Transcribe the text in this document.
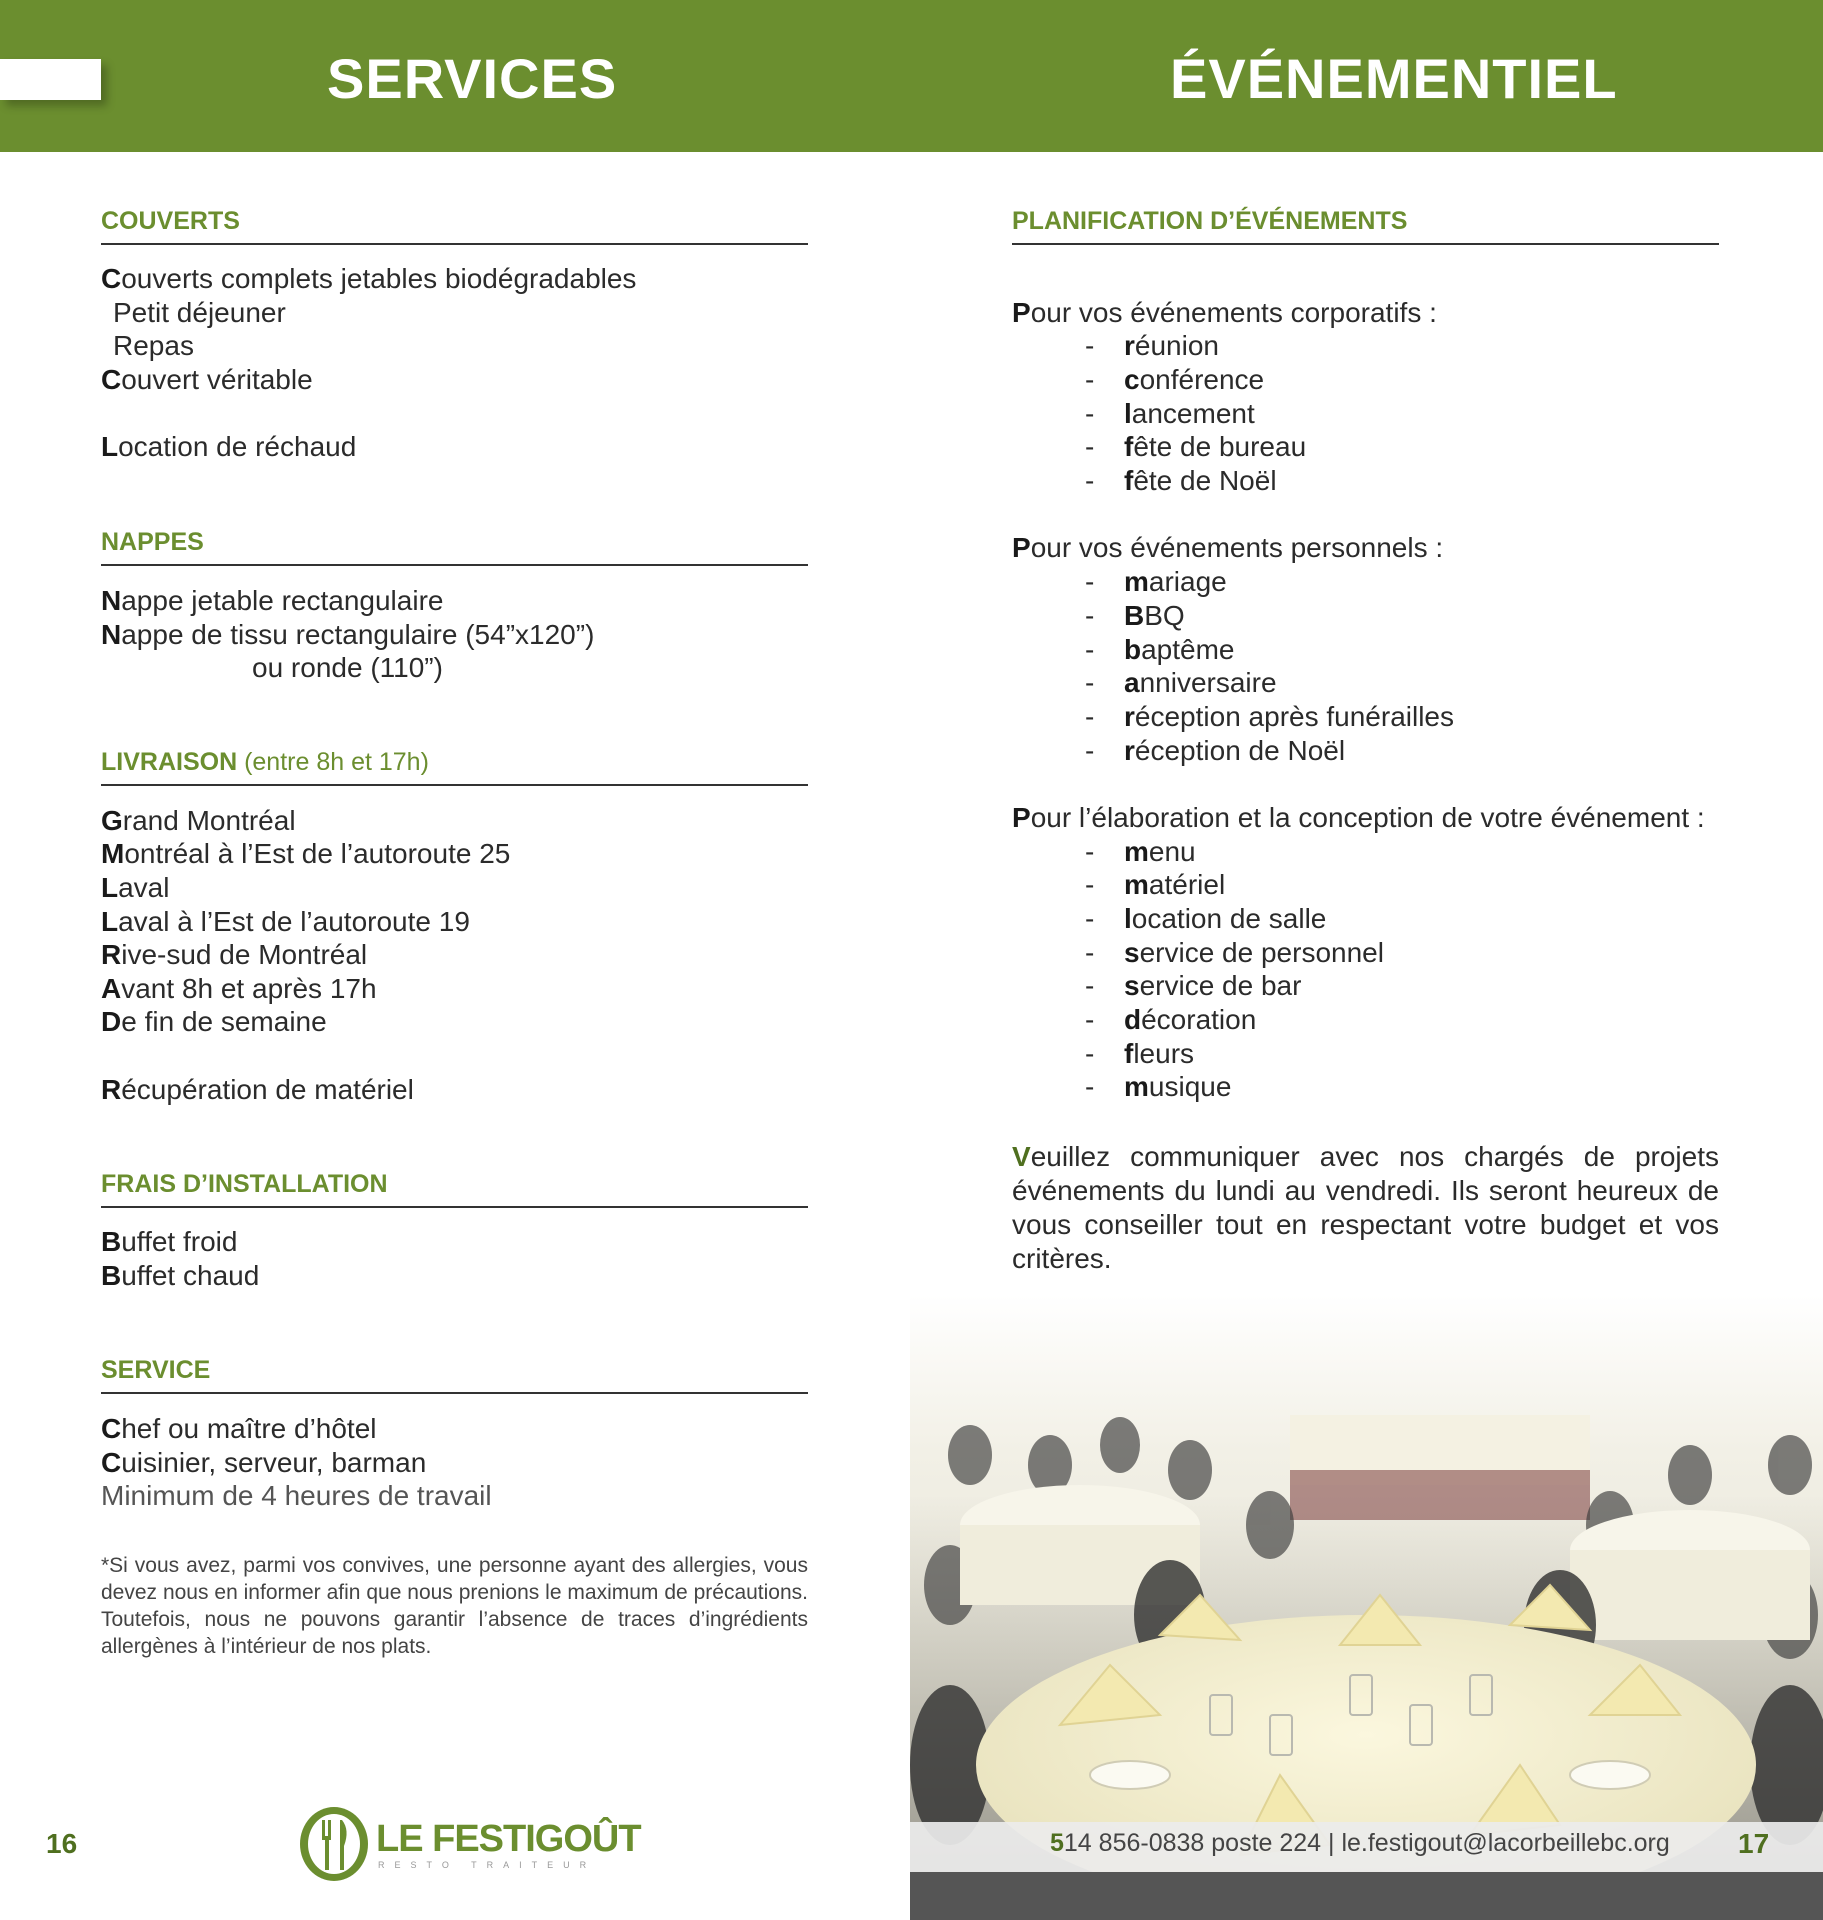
SERVICES	ÉVÉNEMENTIEL
COUVERTS
Couverts complets jetables biodégradables
Petit déjeuner
Repas
Couvert véritable
Location de réchaud
NAPPES
Nappe jetable rectangulaire
Nappe de tissu rectangulaire (54”x120”)
ou ronde (110”)
LIVRAISON (entre 8h et 17h)
Grand Montréal
Montréal à l’Est de l’autoroute 25
Laval
Laval à l’Est de l’autoroute 19
Rive-sud de Montréal
Avant 8h et après 17h
De fin de semaine
Récupération de matériel
FRAIS D’INSTALLATION
Buffet froid
Buffet chaud
SERVICE
Chef ou maître d’hôtel
Cuisinier, serveur, barman
Minimum de 4 heures de travail
*Si vous avez, parmi vos convives, une personne ayant des allergies, vous devez nous en informer afin que nous prenions le maximum de précautions. Toutefois, nous ne pouvons garantir l’absence de traces d’ingrédients allergènes à l’intérieur de nos plats.
16	LE FESTIGOÛT
RESTO TRAITEUR
PLANIFICATION D’ÉVÉNEMENTS
Pour vos événements corporatifs :
- réunion
- conférence
- lancement
- fête de bureau
- fête de Noël
Pour vos événements personnels :
- mariage
- BBQ
- baptême
- anniversaire
- réception après funérailles
- réception de Noël
Pour l’élaboration et la conception de votre événement :
- menu
- matériel
- location de salle
- service de personnel
- service de bar
- décoration
- fleurs
- musique
Veuillez communiquer avec nos chargés de projets événements du lundi au vendredi. Ils seront heureux de vous conseiller tout en respectant votre budget et vos critères.
514 856-0838 poste 224 | le.festigout@lacorbeillebc.org 17
